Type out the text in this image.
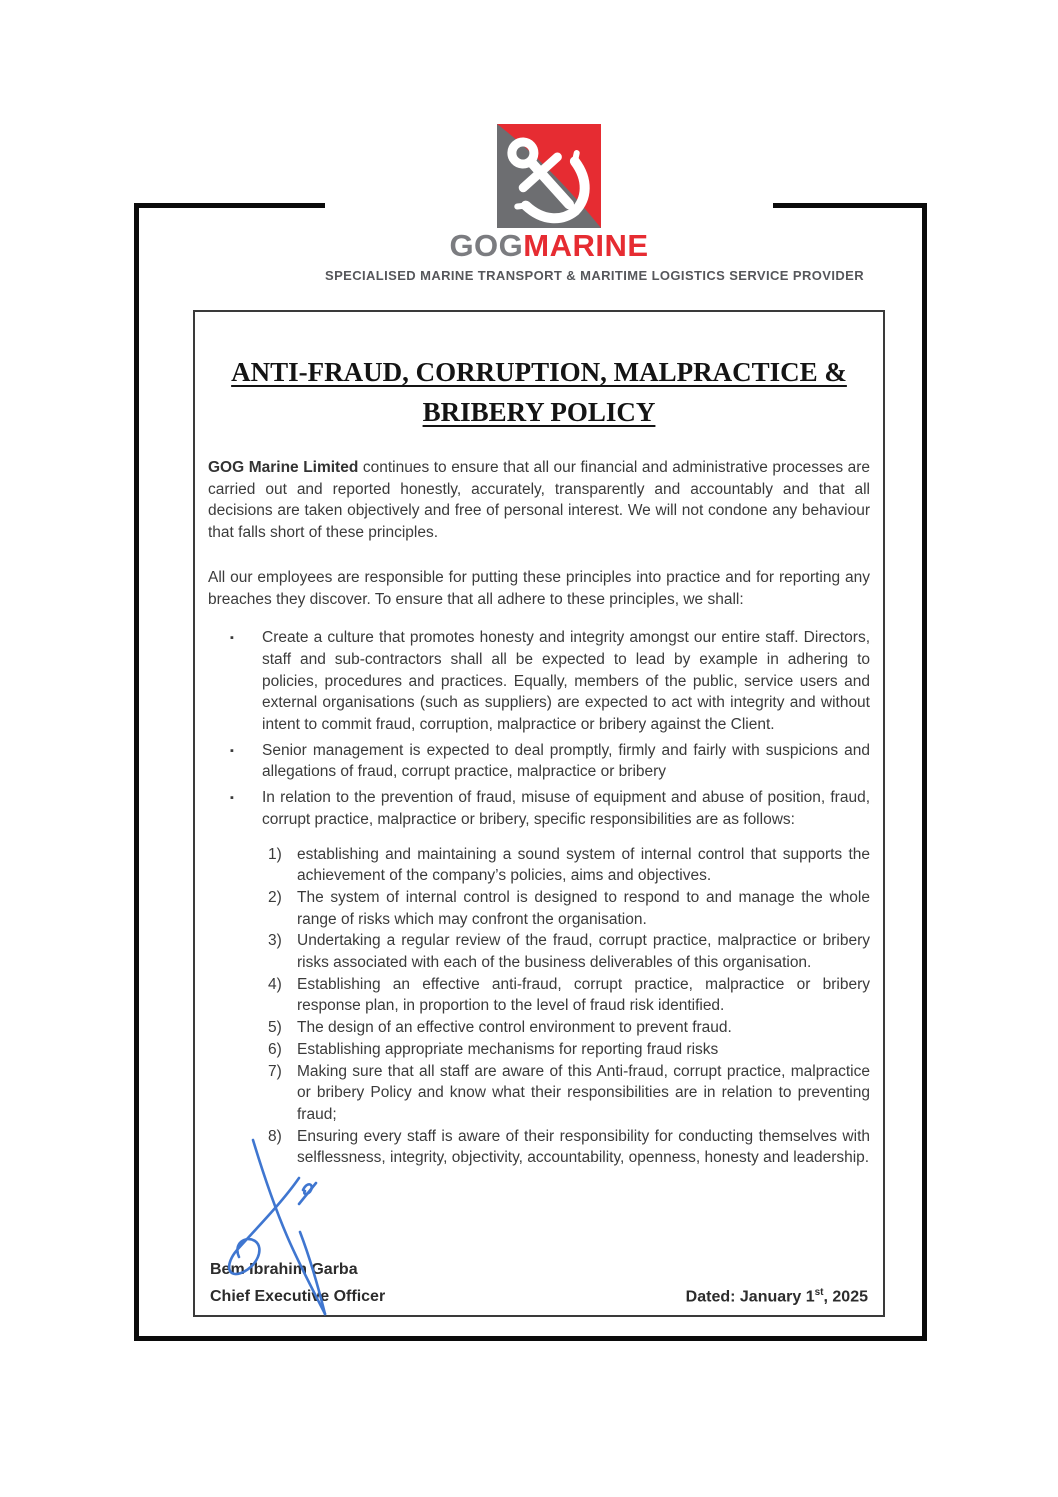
GOGMARINE
SPECIALISED MARINE TRANSPORT & MARITIME LOGISTICS SERVICE PROVIDER
ANTI-FRAUD, CORRUPTION, MALPRACTICE &
BRIBERY POLICY

GOG Marine Limited continues to ensure that all our financial and administrative processes are carried out and reported honestly, accurately, transparently and accountably and that all decisions are taken objectively and free of personal interest. We will not condone any behaviour that falls short of these principles.

All our employees are responsible for putting these principles into practice and for reporting any breaches they discover. To ensure that all adhere to these principles, we shall:

▪ Create a culture that promotes honesty and integrity amongst our entire staff. Directors, staff and sub-contractors shall all be expected to lead by example in adhering to policies, procedures and practices. Equally, members of the public, service users and external organisations (such as suppliers) are expected to act with integrity and without intent to commit fraud, corruption, malpractice or bribery against the Client.
▪ Senior management is expected to deal promptly, firmly and fairly with suspicions and allegations of fraud, corrupt practice, malpractice or bribery
▪ In relation to the prevention of fraud, misuse of equipment and abuse of position, fraud, corrupt practice, malpractice or bribery, specific responsibilities are as follows:
1) establishing and maintaining a sound system of internal control that supports the achievement of the company’s policies, aims and objectives.
2) The system of internal control is designed to respond to and manage the whole range of risks which may confront the organisation.
3) Undertaking a regular review of the fraud, corrupt practice, malpractice or bribery risks associated with each of the business deliverables of this organisation.
4) Establishing an effective anti-fraud, corrupt practice, malpractice or bribery response plan, in proportion to the level of fraud risk identified.
5) The design of an effective control environment to prevent fraud.
6) Establishing appropriate mechanisms for reporting fraud risks
7) Making sure that all staff are aware of this Anti-fraud, corrupt practice, malpractice or bribery Policy and know what their responsibilities are in relation to preventing fraud;
8) Ensuring every staff is aware of their responsibility for conducting themselves with selflessness, integrity, objectivity, accountability, openness, honesty and leadership.
Bem Ibrahim Garba
Chief Executive Officer	Dated: January 1st, 2025
